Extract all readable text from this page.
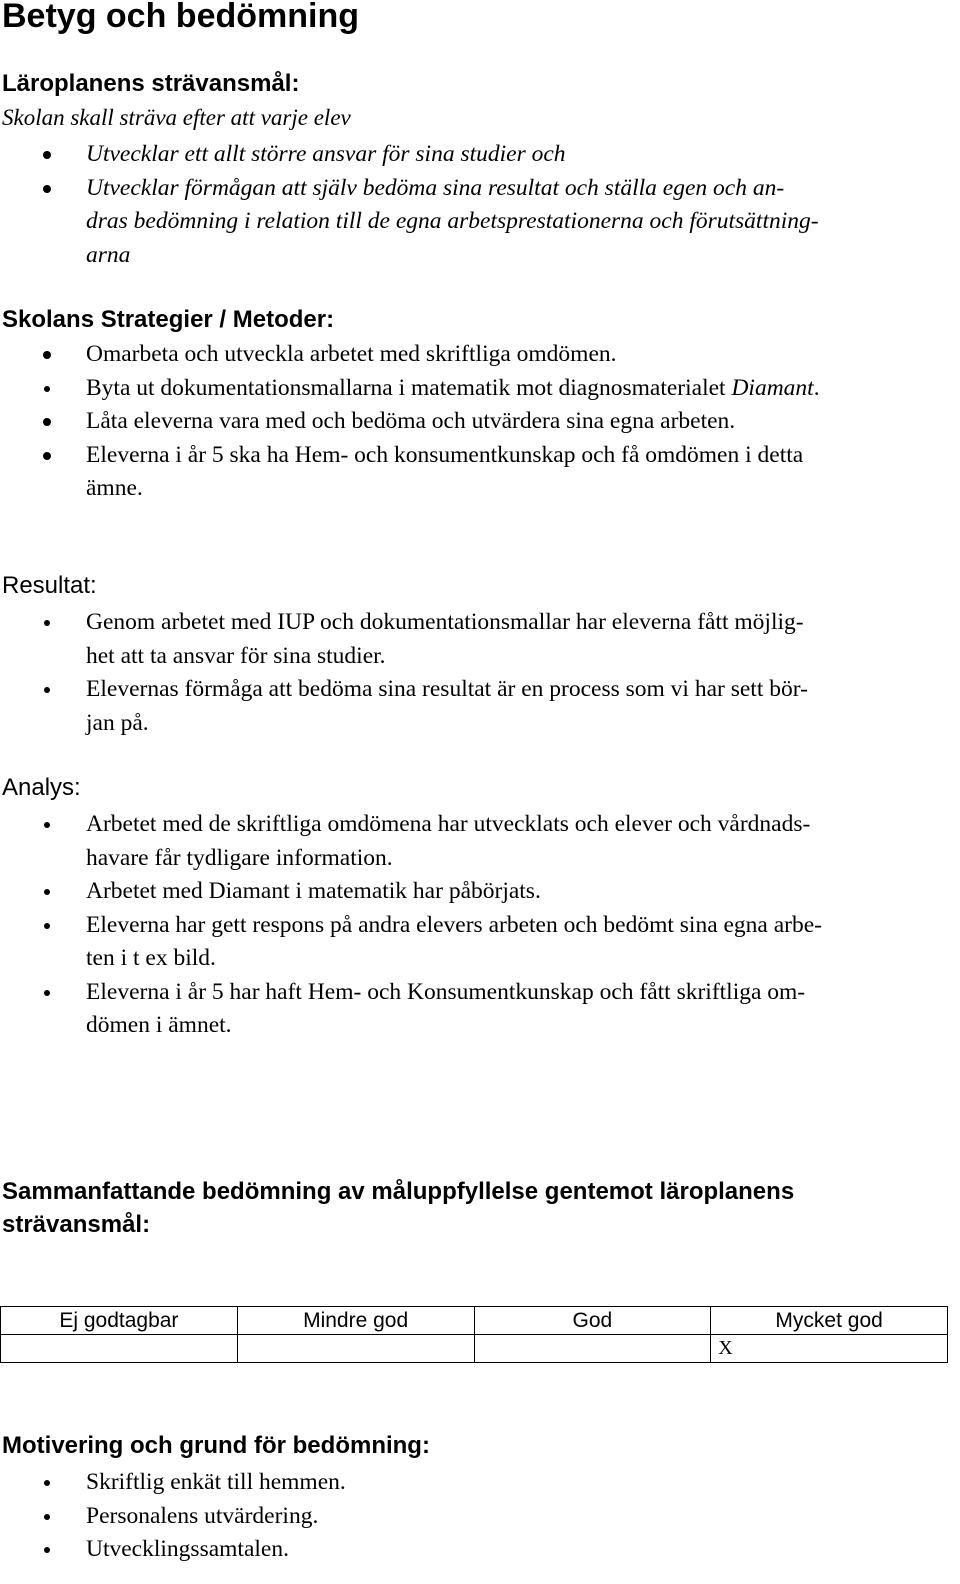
Betyg och bedömning
Läroplanens strävansmål:
Skolan skall sträva efter att varje elev
Utvecklar ett allt större ansvar för sina studier och
Utvecklar förmågan att själv bedöma sina resultat och ställa egen och an-
dras bedömning i relation till de egna arbetsprestationerna och förutsättning-
arna
Skolans Strategier / Metoder:
Omarbeta och utveckla arbetet med skriftliga omdömen.
Byta ut dokumentationsmallarna i matematik mot diagnosmaterialet Diamant.
Låta eleverna vara med och bedöma och utvärdera sina egna arbeten.
Eleverna i år 5 ska ha Hem- och konsumentkunskap och få omdömen i detta
ämne.
Resultat:
Genom arbetet med IUP och dokumentationsmallar har eleverna fått möjlig-
het att ta ansvar för sina studier.
Elevernas förmåga att bedöma sina resultat är en process som vi har sett bör-
jan på.
Analys:
Arbetet med de skriftliga omdömena har utvecklats och elever och vårdnads-
havare får tydligare information.
Arbetet med Diamant i matematik har påbörjats.
Eleverna har gett respons på andra elevers arbeten och bedömt sina egna arbe-
ten i t ex bild.
Eleverna i år 5 har haft Hem- och Konsumentkunskap och fått skriftliga om-
dömen i ämnet.
Sammanfattande bedömning av måluppfyllelse gentemot läroplanens
strävansmål:
Ej godtagbar	Mindre god	God	Mycket god
			X
Motivering och grund för bedömning:
Skriftlig enkät till hemmen.
Personalens utvärdering.
Utvecklingssamtalen.
